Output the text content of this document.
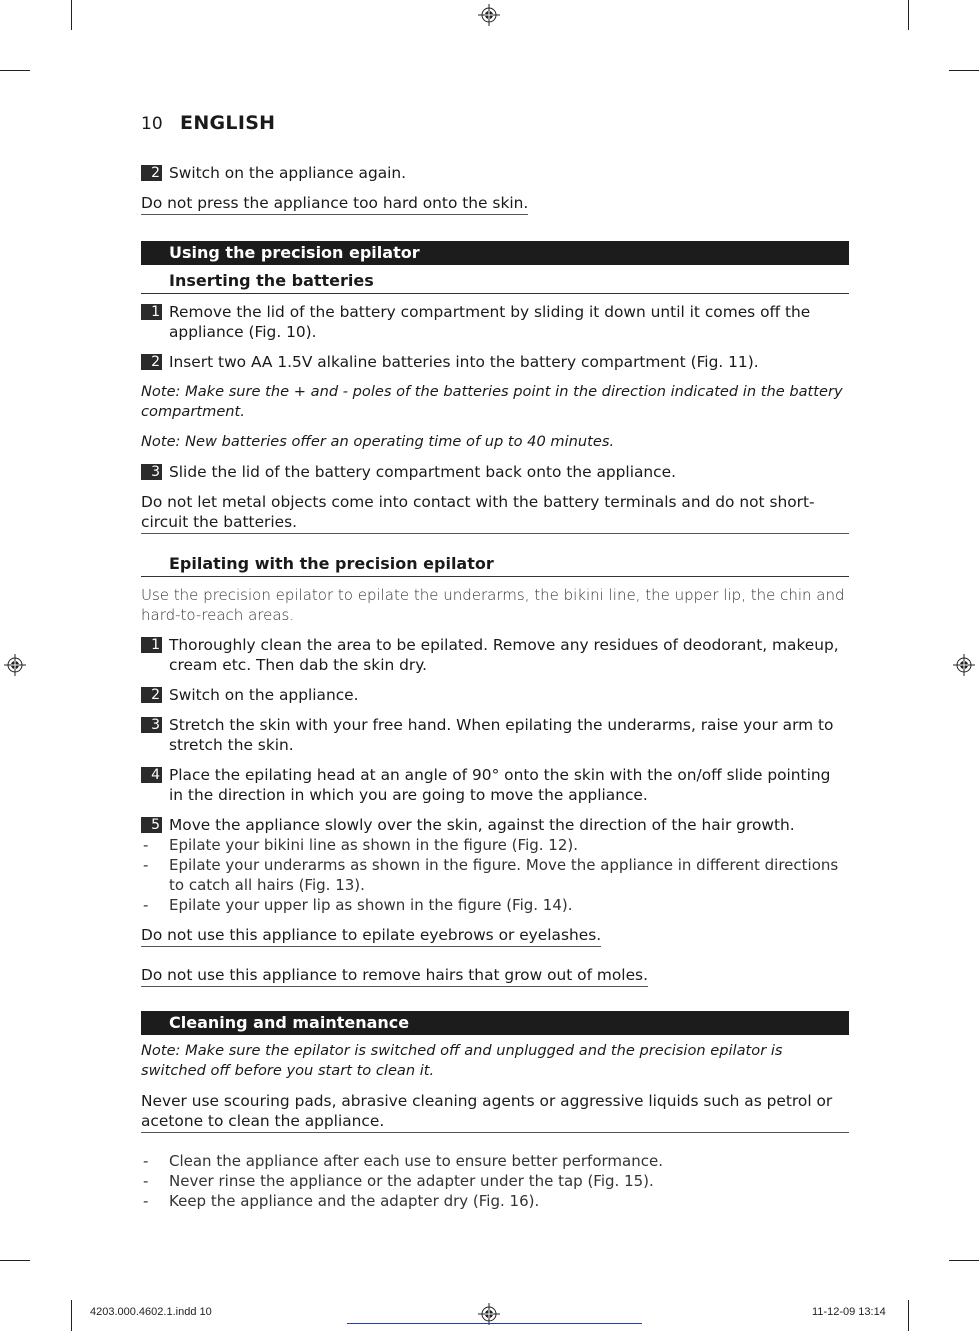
10 ENGLISH
2 Switch on the appliance again.
Do not press the appliance too hard onto the skin.
Using the precision epilator
Inserting the batteries
1 Remove the lid of the battery compartment by sliding it down until it comes off the appliance (Fig. 10).
2 Insert two AA 1.5V alkaline batteries into the battery compartment (Fig. 11).
Note: Make sure the + and - poles of the batteries point in the direction indicated in the battery compartment.
Note: New batteries offer an operating time of up to 40 minutes.
3 Slide the lid of the battery compartment back onto the appliance.
Do not let metal objects come into contact with the battery terminals and do not short-circuit the batteries.
Epilating with the precision epilator
Use the precision epilator to epilate the underarms, the bikini line, the upper lip, the chin and hard-to-reach areas.
1 Thoroughly clean the area to be epilated. Remove any residues of deodorant, makeup, cream etc. Then dab the skin dry.
2 Switch on the appliance.
3 Stretch the skin with your free hand. When epilating the underarms, raise your arm to stretch the skin.
4 Place the epilating head at an angle of 90° onto the skin with the on/off slide pointing in the direction in which you are going to move the appliance.
5 Move the appliance slowly over the skin, against the direction of the hair growth.
- Epilate your bikini line as shown in the figure (Fig. 12).
- Epilate your underarms as shown in the figure. Move the appliance in different directions to catch all hairs (Fig. 13).
- Epilate your upper lip as shown in the figure (Fig. 14).
Do not use this appliance to epilate eyebrows or eyelashes.
Do not use this appliance to remove hairs that grow out of moles.
Cleaning and maintenance
Note: Make sure the epilator is switched off and unplugged and the precision epilator is switched off before you start to clean it.
Never use scouring pads, abrasive cleaning agents or aggressive liquids such as petrol or acetone to clean the appliance.
- Clean the appliance after each use to ensure better performance.
- Never rinse the appliance or the adapter under the tap (Fig. 15).
- Keep the appliance and the adapter dry (Fig. 16).
4203.000.4602.1.indd 10	11-12-09 13:14
